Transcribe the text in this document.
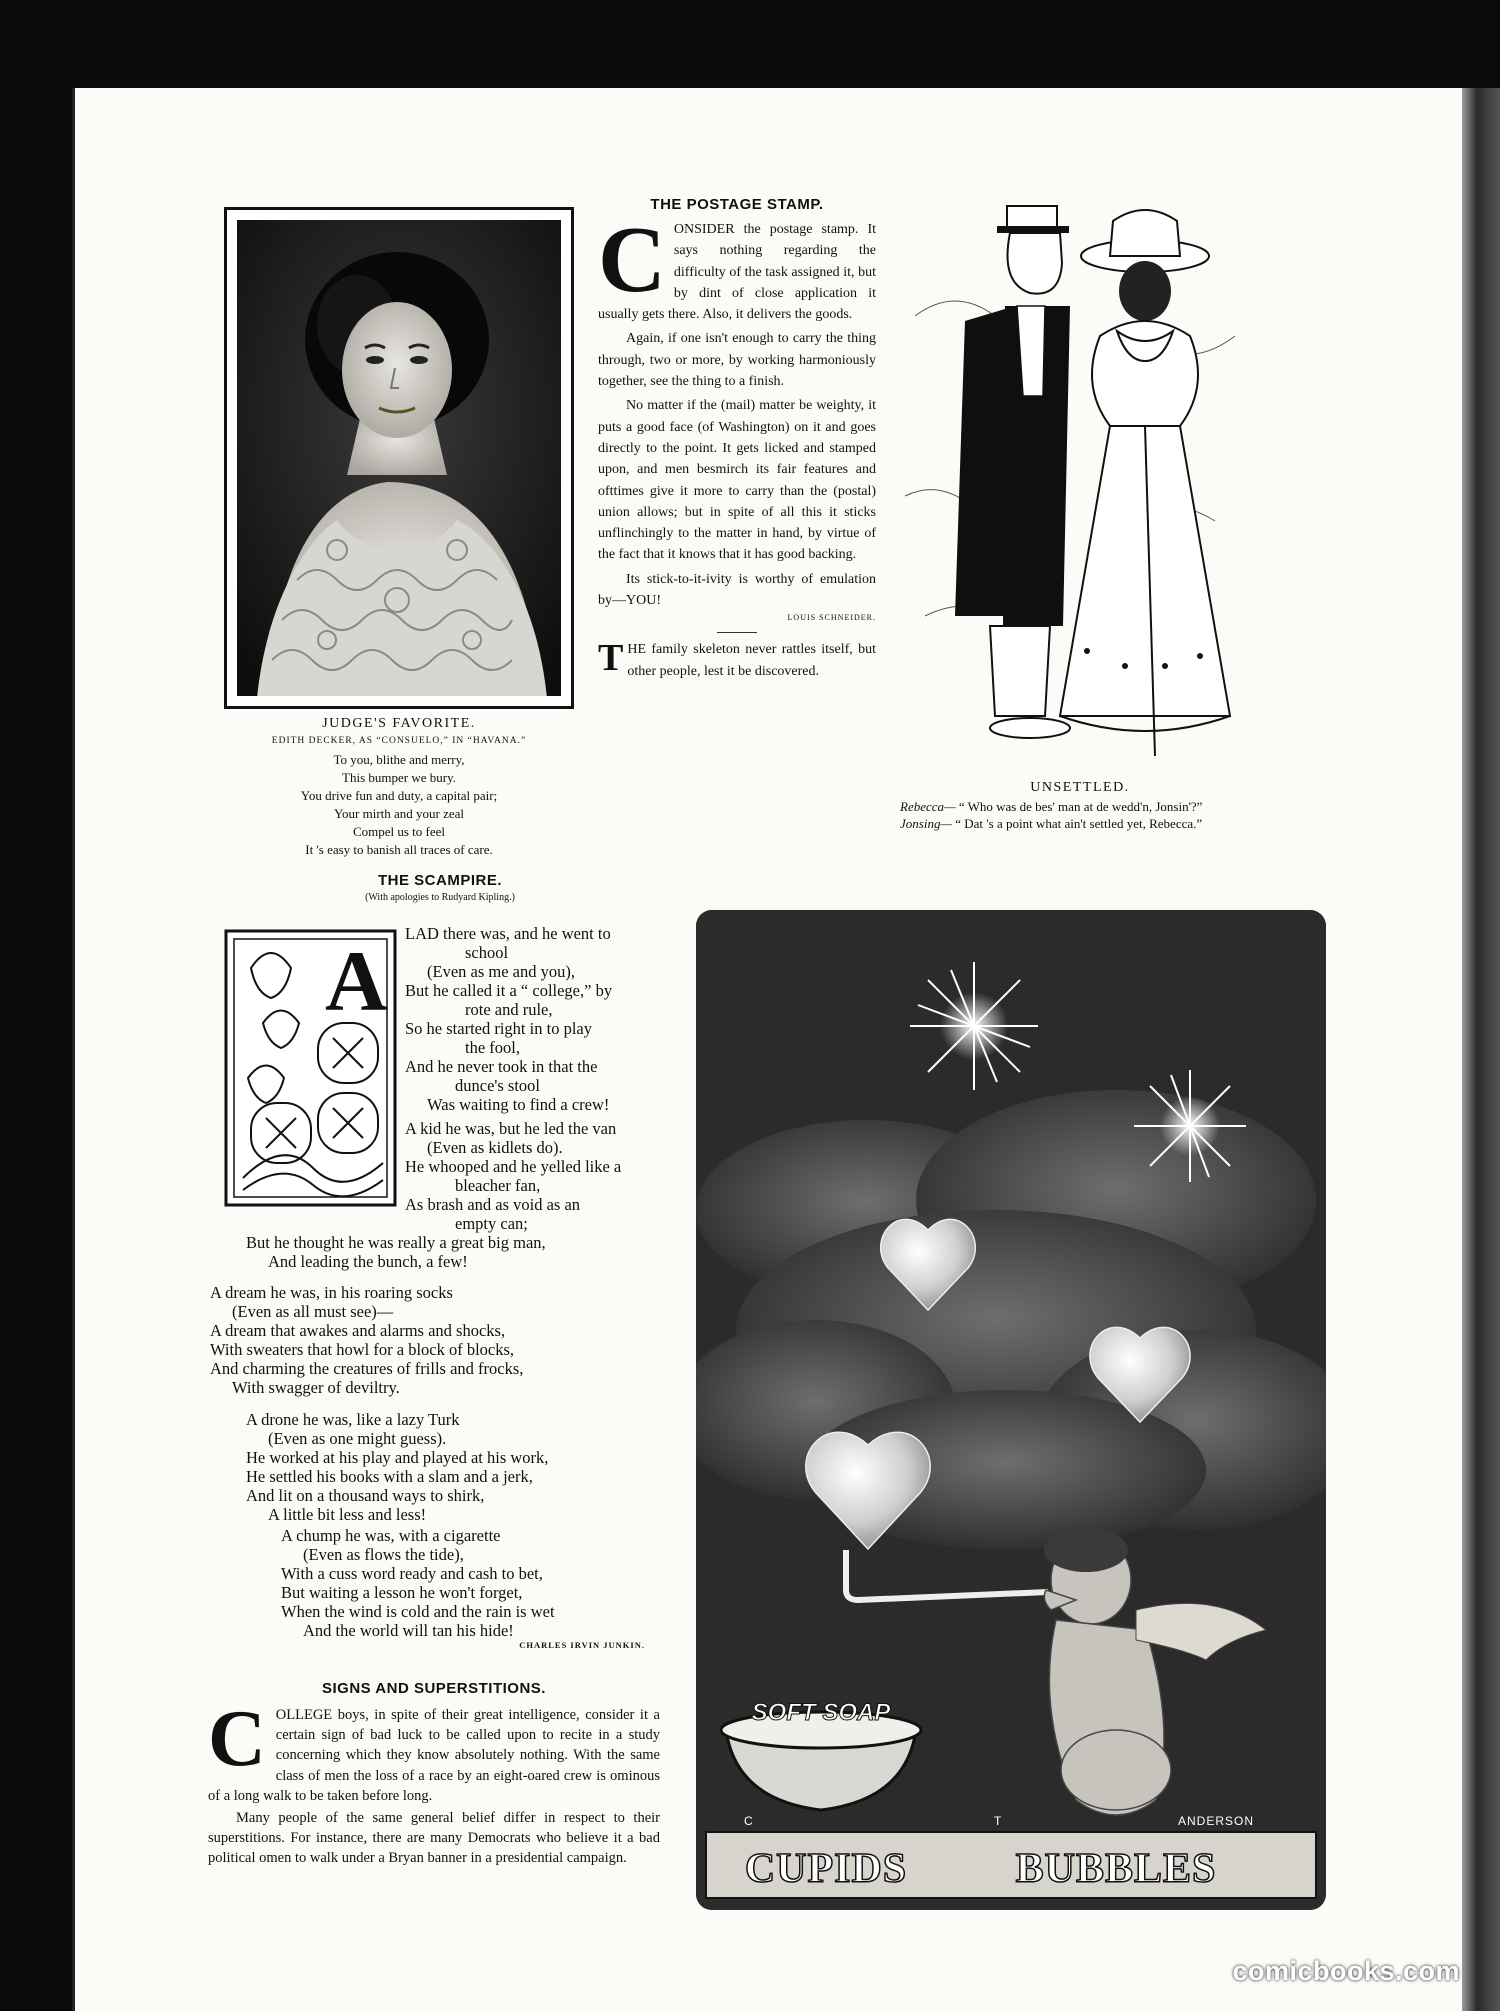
JUDGE'S FAVORITE.
EDITH DECKER, AS “CONSUELO,” IN “HAVANA.”
To you, blithe and merry,
This bumper we bury.
You drive fun and duty, a capital pair;
Your mirth and your zeal
Compel us to feel
It 's easy to banish all traces of care.
THE POSTAGE STAMP.
C ONSIDER the postage stamp. It says nothing regarding the difficulty of the task assigned it, but by dint of close application it usually gets there. Also, it delivers the goods.

Again, if one isn't enough to carry the thing through, two or more, by working harmoniously together, see the thing to a finish.

No matter if the (mail) matter be weighty, it puts a good face (of Washington) on it and goes directly to the point. It gets licked and stamped upon, and men besmirch its fair features and ofttimes give it more to carry than the (postal) union allows; but in spite of all this it sticks unflinchingly to the matter in hand, by virtue of the fact that it knows that it has good backing.

Its stick-to-it-ivity is worthy of emulation by—YOU!

LOUIS SCHNEIDER.
T HE family skeleton never rattles itself, but other people, lest it be discovered.
UNSETTLED.
Rebecca— “ Who was de bes' man at de wedd'n, Jonsin'?”
Jonsing— “ Dat 's a point what ain't settled yet, Rebecca.”
THE SCAMPIRE.
(With apologies to Rudyard Kipling.)
A LAD there was, and he went to
school
(Even as me and you),
But he called it a “ college,” by
rote and rule,
So he started right in to play
the fool,
And he never took in that the
dunce's stool
Was waiting to find a crew!
A kid he was, but he led the van
(Even as kidlets do).
He whooped and he yelled like a
bleacher fan,
As brash and as void as an
empty can;
But he thought he was really a great big man,
And leading the bunch, a few!
A dream he was, in his roaring socks
(Even as all must see)—
A dream that awakes and alarms and shocks,
With sweaters that howl for a block of blocks,
And charming the creatures of frills and frocks,
With swagger of deviltry.
A drone he was, like a lazy Turk
(Even as one might guess).
He worked at his play and played at his work,
He settled his books with a slam and a jerk,
And lit on a thousand ways to shirk,
A little bit less and less!
A chump he was, with a cigarette
(Even as flows the tide),
With a cuss word ready and cash to bet,
But waiting a lesson he won't forget,
When the wind is cold and the rain is wet
And the world will tan his hide!
CHARLES IRVIN JUNKIN.
SIGNS AND SUPERSTITIONS.
C OLLEGE boys, in spite of their great intelligence, consider it a certain sign of bad luck to be called upon to recite in a study concerning which they know absolutely nothing. With the same class of men the loss of a race by an eight-oared crew is ominous of a long walk to be taken before long.

Many people of the same general belief differ in respect to their superstitions. For instance, there are many Democrats who believe it a bad political omen to walk under a Bryan banner in a presidential campaign.

SOFT SOAP
C	T	ANDERSON
CUPIDS	BUBBLES
comicbooks.com
